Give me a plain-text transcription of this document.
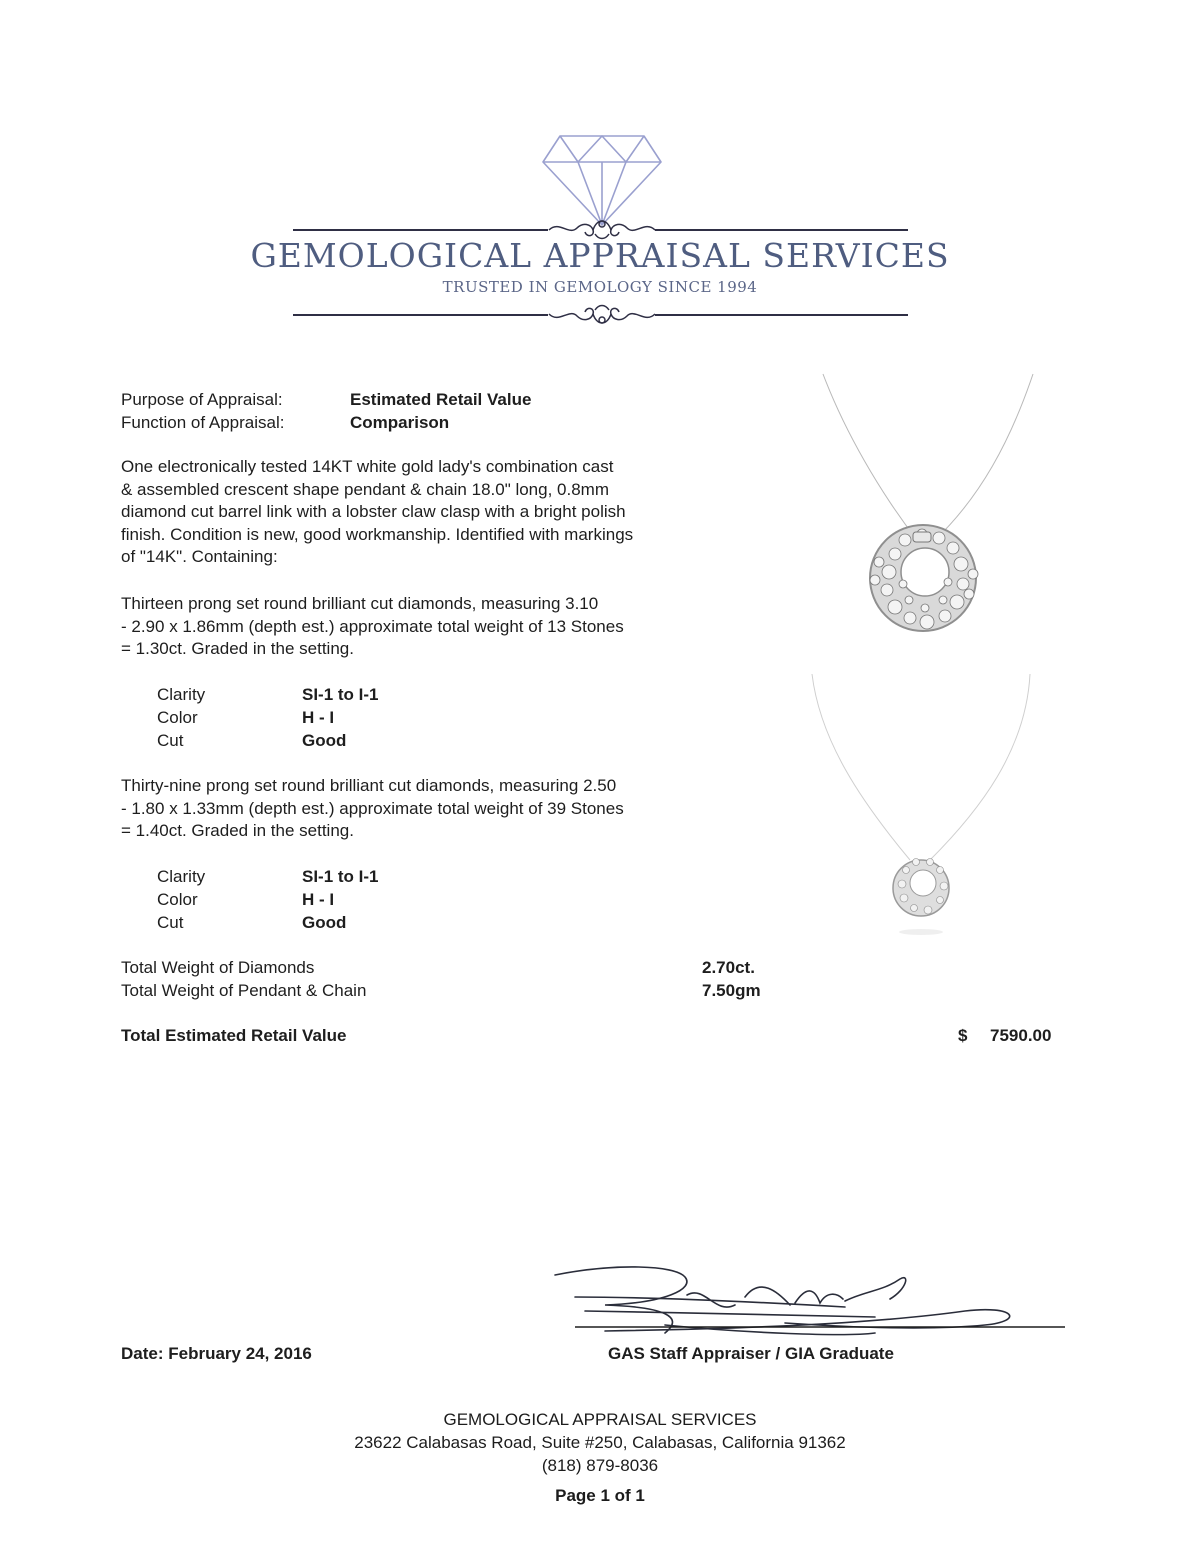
GEMOLOGICAL APPRAISAL SERVICES
TRUSTED IN GEMOLOGY SINCE 1994
Purpose of Appraisal:	Estimated Retail Value
Function of Appraisal:	Comparison
One electronically tested 14KT white gold lady's combination cast
& assembled crescent shape pendant & chain 18.0" long, 0.8mm
diamond cut barrel link with a lobster claw clasp with a bright polish
finish. Condition is new, good workmanship. Identified with markings
of "14K". Containing:
Thirteen prong set round brilliant cut diamonds, measuring 3.10
- 2.90 x 1.86mm (depth est.) approximate total weight of 13 Stones
= 1.30ct. Graded in the setting.
Clarity	SI-1 to I-1
Color	H - I
Cut	Good
Thirty-nine prong set round brilliant cut diamonds, measuring 2.50
- 1.80 x 1.33mm (depth est.) approximate total weight of 39 Stones
= 1.40ct. Graded in the setting.
Clarity	SI-1 to I-1
Color	H - I
Cut	Good
Total Weight of Diamonds	2.70ct.
Total Weight of Pendant & Chain	7.50gm
Total Estimated Retail Value	$ 7590.00
Date: February 24, 2016	GAS Staff Appraiser / GIA Graduate
GEMOLOGICAL APPRAISAL SERVICES
23622 Calabasas Road, Suite #250, Calabasas, California 91362
(818) 879-8036
Page 1 of 1
